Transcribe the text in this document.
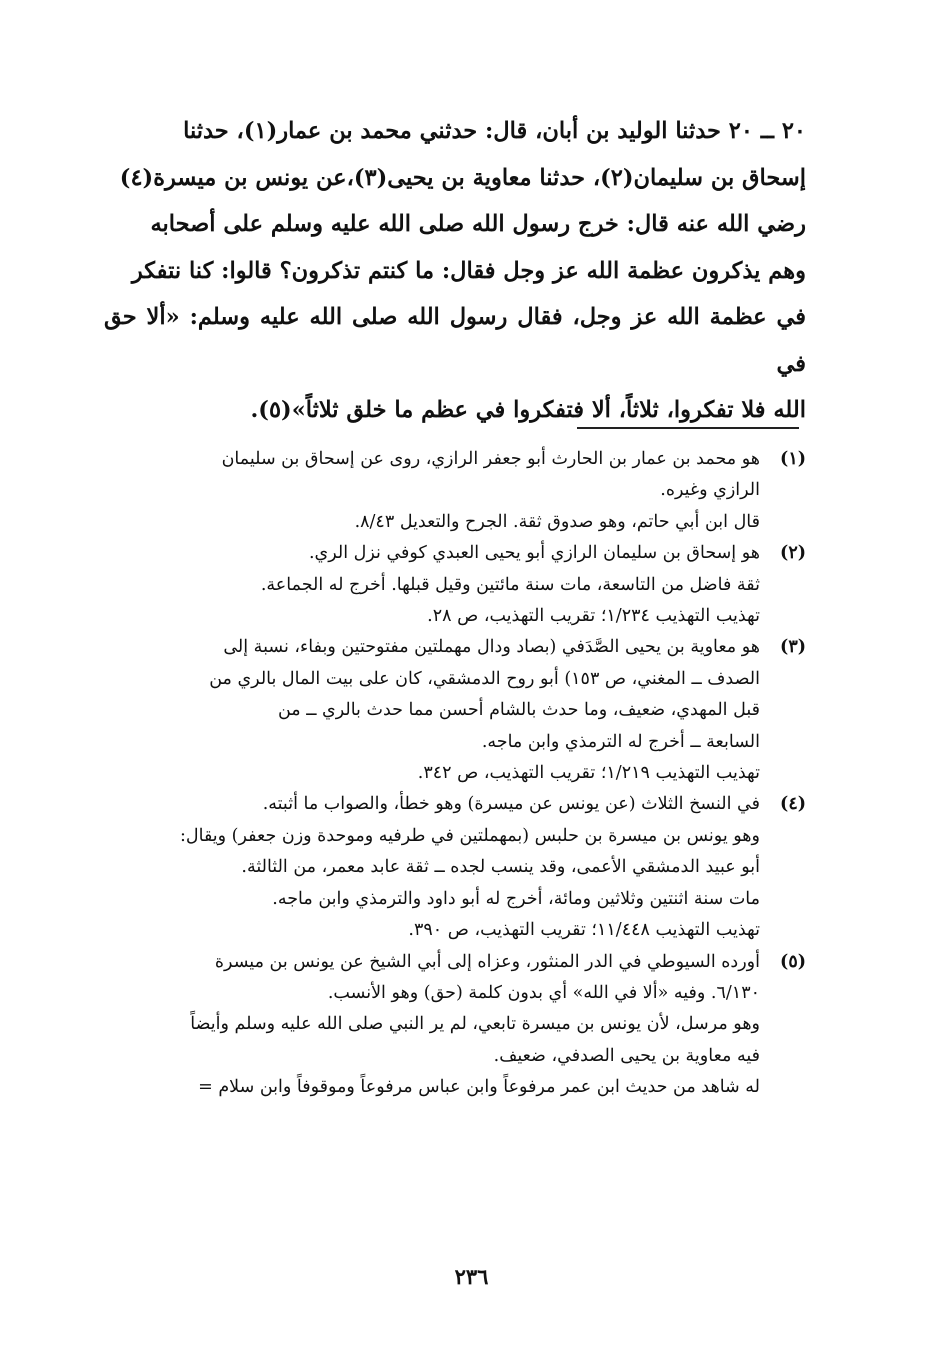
٢٠ ــ ٢٠ حدثنا الوليد بن أبان، قال: حدثني محمد بن عمار(١)، حدثنا

إسحاق بن سليمان(٢)، حدثنا معاوية بن يحيى(٣)،عن يونس بن ميسرة(٤)

رضي الله عنه قال: خرج رسول الله صلى الله عليه وسلم على أصحابه

وهم يذكرون عظمة الله عز وجل فقال: ما كنتم تذكرون؟ قالوا: كنا نتفكر

في عظمة الله عز وجل، فقال رسول الله صلى الله عليه وسلم: «ألا حق في

الله فلا تفكروا، ثلاثاً، ألا فتفكروا في عظم ما خلق ثلاثاً»(٥).

(١)
هو محمد بن عمار بن الحارث أبو جعفر الرازي، روى عن إسحاق بن سليمان
الرازي وغيره.
قال ابن أبي حاتم، وهو صدوق ثقة. الجرح والتعديل ٨/٤٣.
(٢)
هو إسحاق بن سليمان الرازي أبو يحيى العبدي كوفي نزل الري.
ثقة فاضل من التاسعة، مات سنة مائتين وقيل قبلها. أخرج له الجماعة.
تهذيب التهذيب ١/٢٣٤؛ تقريب التهذيب، ص ٢٨.
(٣)
هو معاوية بن يحيى الصَّدَفي (بصاد ودال مهملتين مفتوحتين وبفاء، نسبة إلى
الصدف ــ المغني، ص ١٥٣) أبو روح الدمشقي، كان على بيت المال بالري من
قبل المهدي، ضعيف، وما حدث بالشام أحسن مما حدث بالري ــ من
السابعة ــ أخرج له الترمذي وابن ماجه.
تهذيب التهذيب ١/٢١٩؛ تقريب التهذيب، ص ٣٤٢.
(٤)
في النسخ الثلاث (عن يونس عن ميسرة) وهو خطأ، والصواب ما أثبته.
وهو يونس بن ميسرة بن حلبس (بمهملتين في طرفيه وموحدة وزن جعفر) ويقال:
أبو عبيد الدمشقي الأعمى، وقد ينسب لجده ــ ثقة عابد معمر، من الثالثة.
مات سنة اثنتين وثلاثين ومائة، أخرج له أبو داود والترمذي وابن ماجه.
تهذيب التهذيب ١١/٤٤٨؛ تقريب التهذيب، ص ٣٩٠.
(٥)
أورده السيوطي في الدر المنثور، وعزاه إلى أبي الشيخ عن يونس بن ميسرة
٦/١٣٠. وفيه «ألا في الله» أي بدون كلمة (حق) وهو الأنسب.
وهو مرسل، لأن يونس بن ميسرة تابعي، لم ير النبي صلى الله عليه وسلم وأيضاً
فيه معاوية بن يحيى الصدفي، ضعيف.
له شاهد من حديث ابن عمر مرفوعاً وابن عباس مرفوعاً وموقوفاً وابن سلام =
٢٣٦
